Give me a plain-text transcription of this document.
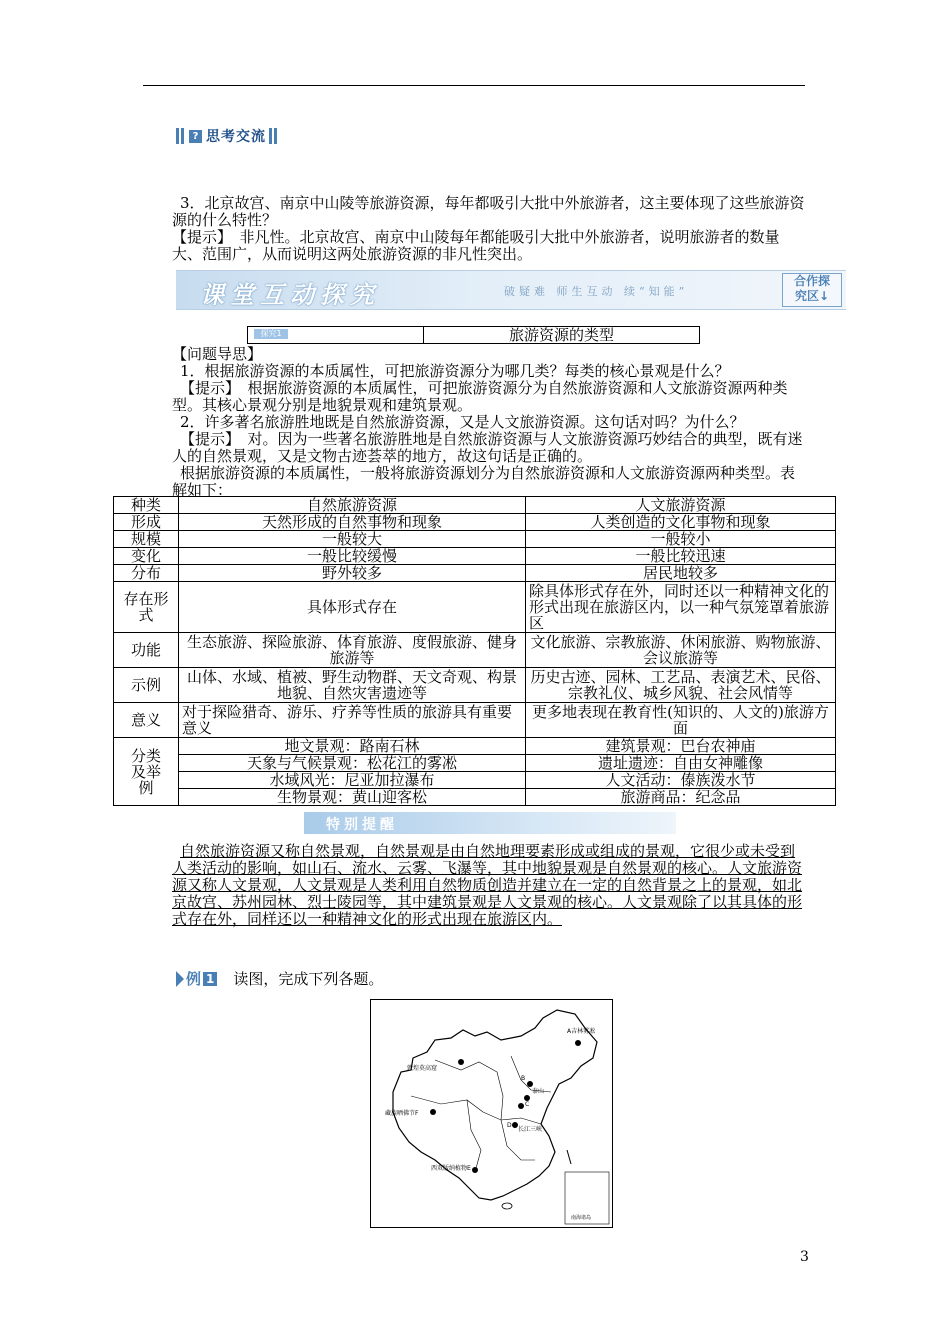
? 思考交流
3．北京故宫、南京中山陵等旅游资源，每年都吸引大批中外旅游者，这主要体现了这些旅游资源的什么特性？
【提示】　非凡性。北京故宫、南京中山陵每年都能吸引大批中外旅游者，说明旅游者的数量大、范围广，从而说明这两处旅游资源的非凡性突出。
课堂互动探究	破疑难 师生互动 续“知能”
合作探
究区↓
探究1	旅游资源的类型
【问题导思】
1．根据旅游资源的本质属性，可把旅游资源分为哪几类？每类的核心景观是什么？
【提示】　根据旅游资源的本质属性，可把旅游资源分为自然旅游资源和人文旅游资源两种类型。其核心景观分别是地貌景观和建筑景观。
2．许多著名旅游胜地既是自然旅游资源，又是人文旅游资源。这句话对吗？为什么？
【提示】　对。因为一些著名旅游胜地是自然旅游资源与人文旅游资源巧妙结合的典型，既有迷人的自然景观，又是文物古迹荟萃的地方，故这句话是正确的。
根据旅游资源的本质属性，一般将旅游资源划分为自然旅游资源和人文旅游资源两种类型。表解如下：
种类	自然旅游资源	人文旅游资源
形成	天然形成的自然事物和现象	人类创造的文化事物和现象
规模	一般较大	一般较小
变化	一般比较缓慢	一般比较迅速
分布	野外较多	居民地较多
存在形式	具体形式存在	除具体形式存在外，同时还以一种精神文化的形式出现在旅游区内，以一种气氛笼罩着旅游区
功能	生态旅游、探险旅游、体育旅游、度假旅游、健身旅游等	文化旅游、宗教旅游、休闲旅游、购物旅游、会议旅游等
示例	山体、水域、植被、野生动物群、天文奇观、构景地貌、自然灾害遗迹等	历史古迹、园林、工艺品、表演艺术、民俗、宗教礼仪、城乡风貌、社会风情等
意义	对于探险猎奇、游乐、疗养等性质的旅游具有重要意义	更多地表现在教育性(知识的、人文的)旅游方面
分类及举例	地文景观：路南石林	建筑景观：巴台农神庙
	天象与气候景观：松花江的雾凇	遗址遗迹：自由女神雕像
	水域风光：尼亚加拉瀑布	人文活动：傣族泼水节
	生物景观：黄山迎客松	旅游商品：纪念品
特别提醒
自然旅游资源又称自然景观，自然景观是由自然地理要素形成或组成的景观，它很少或未受到人类活动的影响，如山石、流水、云雾、飞瀑等，其中地貌景观是自然景观的核心。人文旅游资源又称人文景观，人文景观是人类利用自然物质创造并建立在一定的自然背景之上的景观，如北京故宫、苏州园林、烈士陵园等，其中建筑景观是人文景观的核心。人文景观除了以其具体的形式存在外，同样还以一种精神文化的形式出现在旅游区内。
例 1 读图，完成下列各题。
南海诸岛
A吉林雾凇
敦煌莫高窟
B
泰山
C
D
长江三峡
藏族晒佛节F
西双版纳植物E
3
